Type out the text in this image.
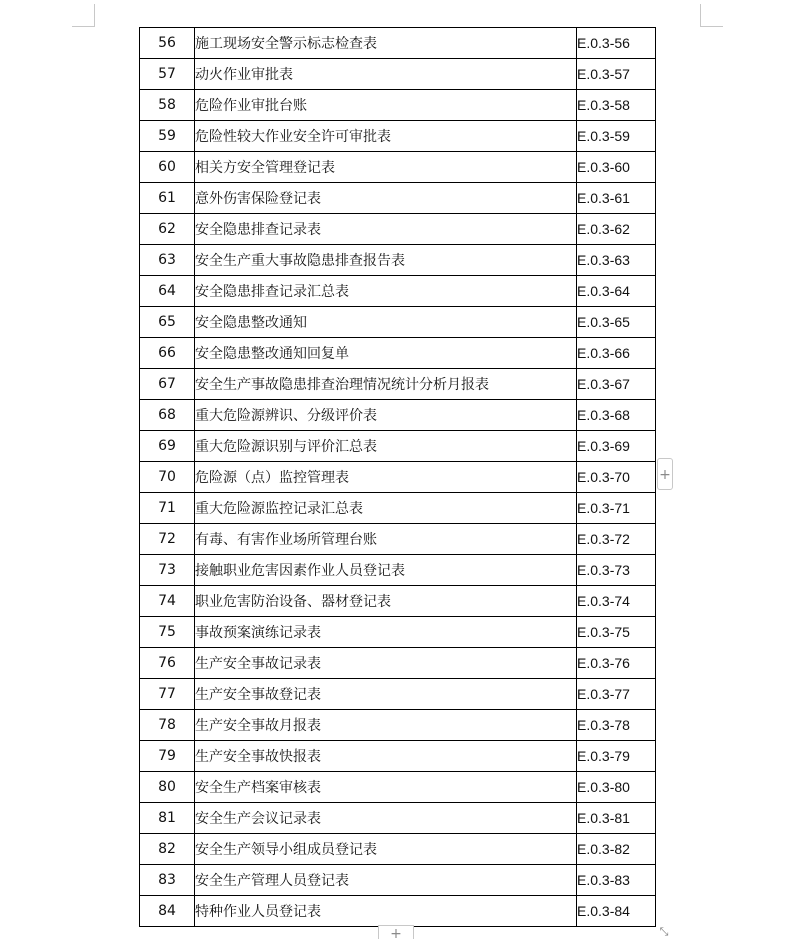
56	施工现场安全警示标志检查表	E.0.3-56
57	动火作业审批表	E.0.3-57
58	危险作业审批台账	E.0.3-58
59	危险性较大作业安全许可审批表	E.0.3-59
60	相关方安全管理登记表	E.0.3-60
61	意外伤害保险登记表	E.0.3-61
62	安全隐患排查记录表	E.0.3-62
63	安全生产重大事故隐患排查报告表	E.0.3-63
64	安全隐患排查记录汇总表	E.0.3-64
65	安全隐患整改通知	E.0.3-65
66	安全隐患整改通知回复单	E.0.3-66
67	安全生产事故隐患排查治理情况统计分析月报表	E.0.3-67
68	重大危险源辨识、分级评价表	E.0.3-68
69	重大危险源识别与评价汇总表	E.0.3-69
70	危险源（点）监控管理表	E.0.3-70
71	重大危险源监控记录汇总表	E.0.3-71
72	有毒、有害作业场所管理台账	E.0.3-72
73	接触职业危害因素作业人员登记表	E.0.3-73
74	职业危害防治设备、器材登记表	E.0.3-74
75	事故预案演练记录表	E.0.3-75
76	生产安全事故记录表	E.0.3-76
77	生产安全事故登记表	E.0.3-77
78	生产安全事故月报表	E.0.3-78
79	生产安全事故快报表	E.0.3-79
80	安全生产档案审核表	E.0.3-80
81	安全生产会议记录表	E.0.3-81
82	安全生产领导小组成员登记表	E.0.3-82
83	安全生产管理人员登记表	E.0.3-83
84	特种作业人员登记表	E.0.3-84
+
+	⤡
